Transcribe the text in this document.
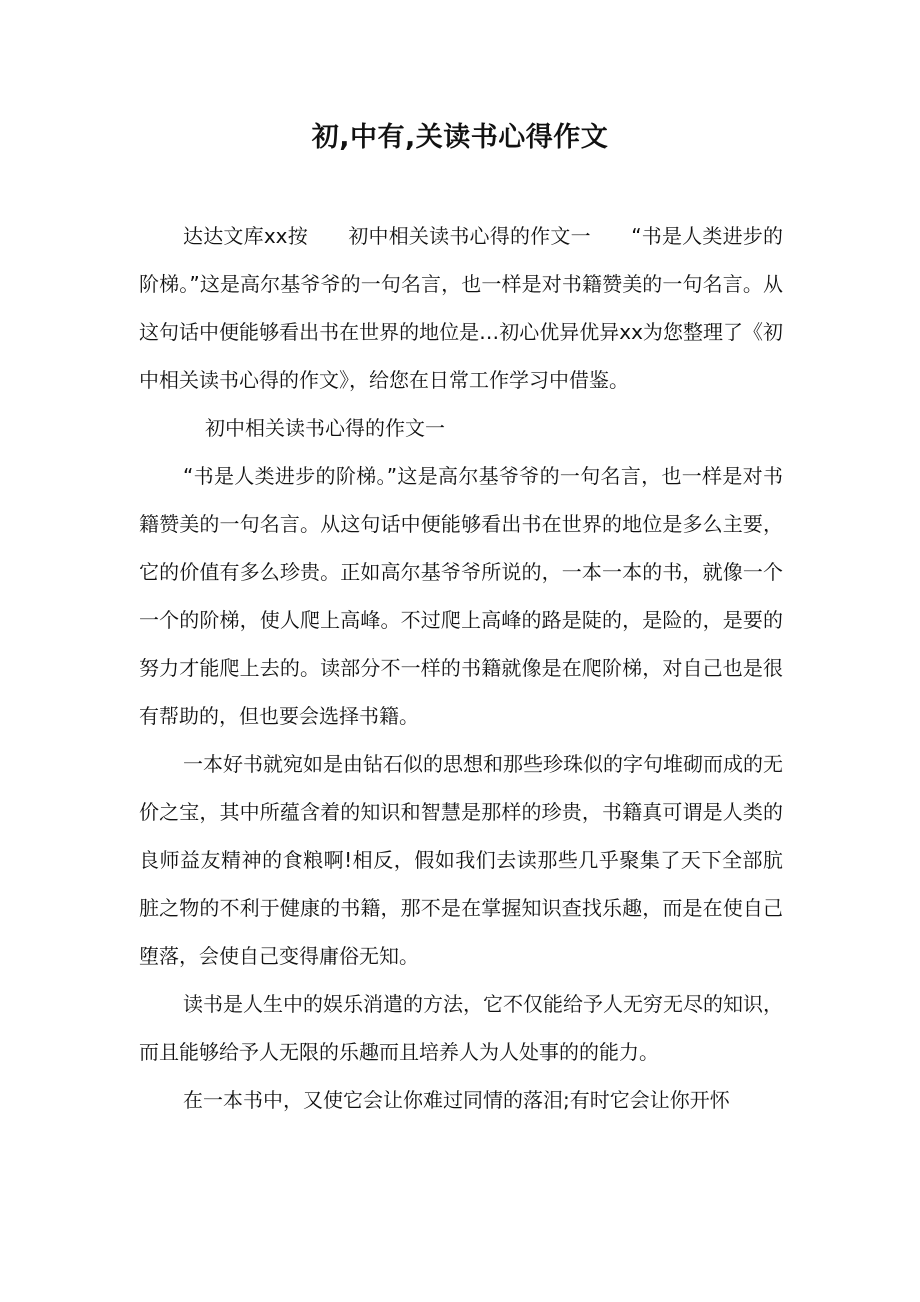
初,中有,关读书心得作文

达达文库xx按　　初中相关读书心得的作文一　　“书是人类进步的阶梯。”这是高尔基爷爷的一句名言，也一样是对书籍赞美的一句名言。从这句话中便能够看出书在世界的地位是…初心优异优异xx为您整理了《初中相关读书心得的作文》，给您在日常工作学习中借鉴。

初中相关读书心得的作文一

“书是人类进步的阶梯。”这是高尔基爷爷的一句名言，也一样是对书籍赞美的一句名言。从这句话中便能够看出书在世界的地位是多么主要，它的价值有多么珍贵。正如高尔基爷爷所说的，一本一本的书，就像一个一个的阶梯，使人爬上高峰。不过爬上高峰的路是陡的，是险的，是要的努力才能爬上去的。读部分不一样的书籍就像是在爬阶梯，对自己也是很有帮助的，但也要会选择书籍。

一本好书就宛如是由钻石似的思想和那些珍珠似的字句堆砌而成的无价之宝，其中所蕴含着的知识和智慧是那样的珍贵，书籍真可谓是人类的良师益友精神的食粮啊!相反，假如我们去读那些几乎聚集了天下全部肮脏之物的不利于健康的书籍，那不是在掌握知识查找乐趣，而是在使自己堕落，会使自己变得庸俗无知。

读书是人生中的娱乐消遣的方法，它不仅能给予人无穷无尽的知识，而且能够给予人无限的乐趣而且培养人为人处事的的能力。

在一本书中，又使它会让你难过同情的落泪;有时它会让你开怀
